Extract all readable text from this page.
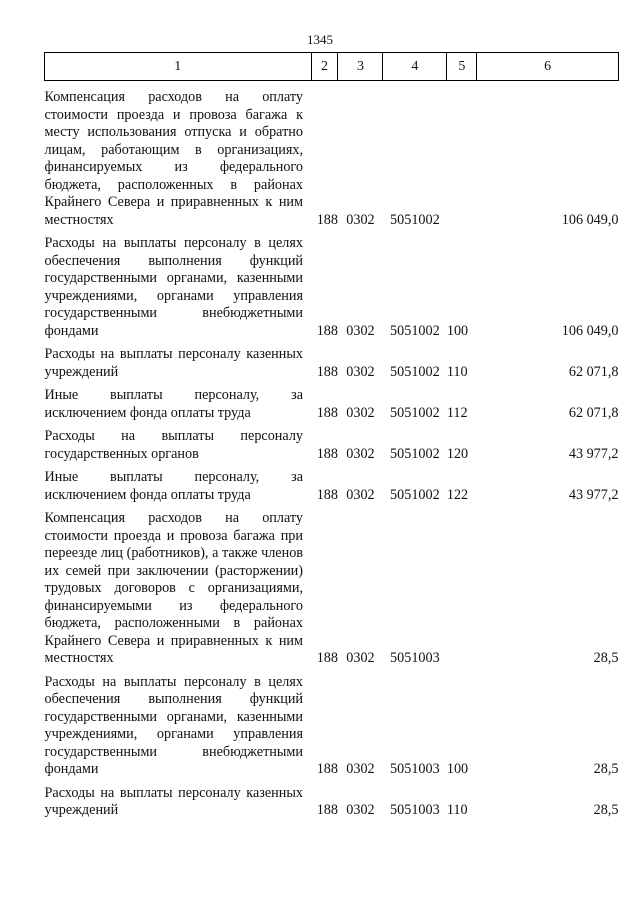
1345
1	2	3	4	5	6
Компенсация расходов на оплату стоимости проезда и провоза багажа к месту использования отпуска и обратно лицам, работающим в организациях, финансируемых из федерального бюджета, расположенных в районах Крайнего Севера и приравненных к ним местностях	188	0302	5051002		106 049,0
Расходы на выплаты персоналу в целях обеспечения выполнения функций государственными органами, казенными учреждениями, органами управления государственными внебюджетными фондами	188	0302	5051002	100	106 049,0
Расходы на выплаты персоналу казенных учреждений	188	0302	5051002	110	62 071,8
Иные выплаты персоналу, за исключением фонда оплаты труда	188	0302	5051002	112	62 071,8
Расходы на выплаты персоналу государственных органов	188	0302	5051002	120	43 977,2
Иные выплаты персоналу, за исключением фонда оплаты труда	188	0302	5051002	122	43 977,2
Компенсация расходов на оплату стоимости проезда и провоза багажа при переезде лиц (работников), а также членов их семей при заключении (расторжении) трудовых договоров с организациями, финансируемыми из федерального бюджета, расположенными в районах Крайнего Севера и приравненных к ним местностях	188	0302	5051003		28,5
Расходы на выплаты персоналу в целях обеспечения выполнения функций государственными органами, казенными учреждениями, органами управления государственными внебюджетными фондами	188	0302	5051003	100	28,5
Расходы на выплаты персоналу казенных учреждений	188	0302	5051003	110	28,5
